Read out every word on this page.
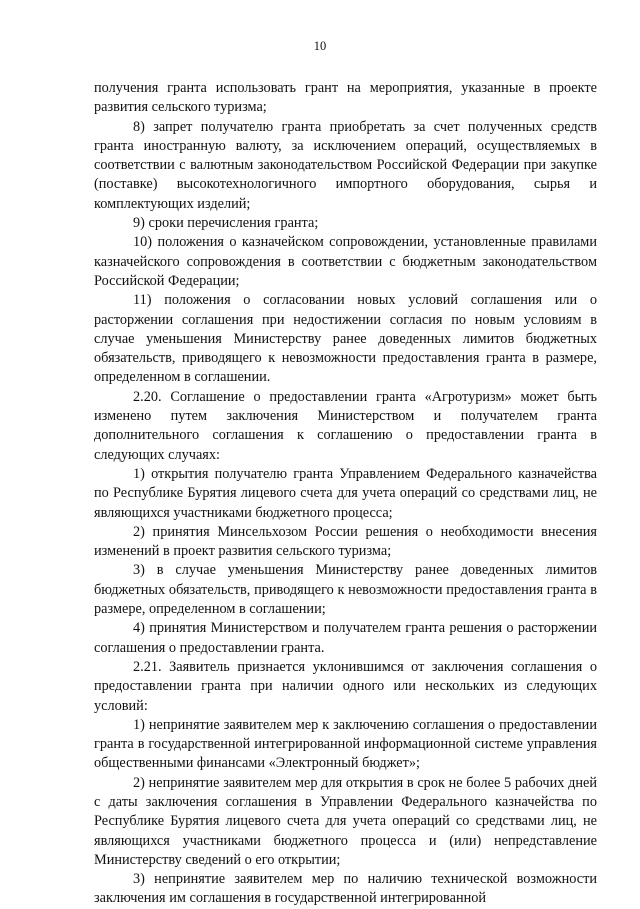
10

получения гранта использовать грант на мероприятия, указанные в проекте развития сельского туризма;

8) запрет получателю гранта приобретать за счет полученных средств гранта иностранную валюту, за исключением операций, осуществляемых в соответствии с валютным законодательством Российской Федерации при закупке (поставке) высокотехнологичного импортного оборудования, сырья и комплектующих изделий;

9) сроки перечисления гранта;

10) положения о казначейском сопровождении, установленные правилами казначейского сопровождения в соответствии с бюджетным законодательством Российской Федерации;

11) положения о согласовании новых условий соглашения или о расторжении соглашения при недостижении согласия по новым условиям в случае уменьшения Министерству ранее доведенных лимитов бюджетных обязательств, приводящего к невозможности предоставления гранта в размере, определенном в соглашении.

2.20. Соглашение о предоставлении гранта «Агротуризм» может быть изменено путем заключения Министерством и получателем гранта дополнительного соглашения к соглашению о предоставлении гранта в следующих случаях:

1) открытия получателю гранта Управлением Федерального казначейства по Республике Бурятия лицевого счета для учета операций со средствами лиц, не являющихся участниками бюджетного процесса;

2) принятия Минсельхозом России решения о необходимости внесения изменений в проект развития сельского туризма;

3) в случае уменьшения Министерству ранее доведенных лимитов бюджетных обязательств, приводящего к невозможности предоставления гранта в размере, определенном в соглашении;

4) принятия Министерством и получателем гранта решения о расторжении соглашения о предоставлении гранта.

2.21. Заявитель признается уклонившимся от заключения соглашения о предоставлении гранта при наличии одного или нескольких из следующих условий:

1) непринятие заявителем мер к заключению соглашения о предоставлении гранта в государственной интегрированной информационной системе управления общественными финансами «Электронный бюджет»;

2) непринятие заявителем мер для открытия в срок не более 5 рабочих дней с даты заключения соглашения в Управлении Федерального казначейства по Республике Бурятия лицевого счета для учета операций со средствами лиц, не являющихся участниками бюджетного процесса и (или) непредставление Министерству сведений о его открытии;

3) непринятие заявителем мер по наличию технической возможности заключения им соглашения в государственной интегрированной
